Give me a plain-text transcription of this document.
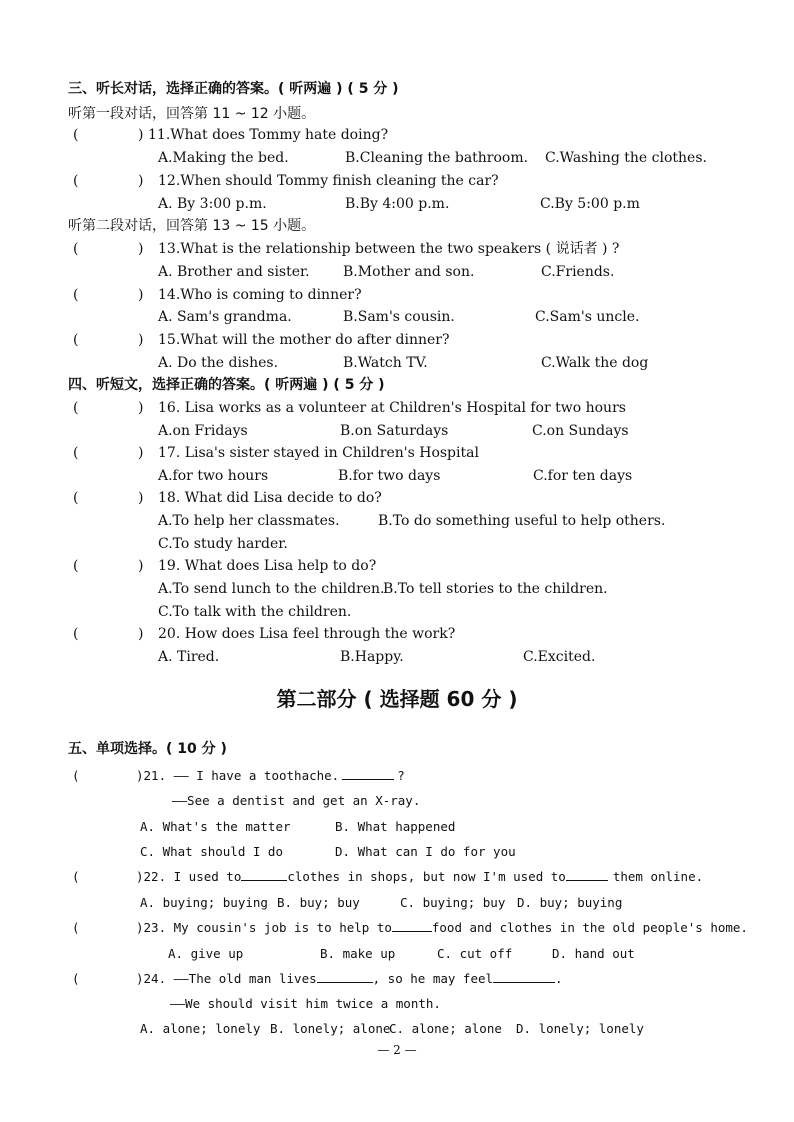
三、听长对话，选择正确的答案。( 听两遍 ) ( 5 分 )
听第一段对话，回答第 11 ~ 12 小题。
(	) 11.What does Tommy hate doing?
A.Making the bed.	B.Cleaning the bathroom. C.Washing the clothes.
(	) 12.When should Tommy finish cleaning the car?
A. By 3:00 p.m.	B.By 4:00 p.m.	C.By 5:00 p.m
听第二段对话，回答第 13 ~ 15 小题。
(	) 13.What is the relationship between the two speakers ( 说话者 ) ?
A. Brother and sister. B.Mother and son.	C.Friends.
(	) 14.Who is coming to dinner?
A. Sam's grandma.	B.Sam's cousin.	C.Sam's uncle.
(	) 15.What will the mother do after dinner?
A. Do the dishes.	B.Watch TV.	C.Walk the dog
四、听短文，选择正确的答案。( 听两遍 ) ( 5 分 )
(	) 16. Lisa works as a volunteer at Children's Hospital for two hours
A.on Fridays	B.on Saturdays	C.on Sundays
(	) 17. Lisa's sister stayed in Children's Hospital
A.for two hours	B.for two days	C.for ten days
(	) 18. What did Lisa decide to do?
A.To help her classmates.	B.To do something useful to help others.
C.To study harder.
(	) 19. What does Lisa help to do?
A.To send lunch to the children.
B.To tell stories to the children.
C.To talk with the children.
(	) 20. How does Lisa feel through the work?
A. Tired.	B.Happy.	C.Excited.
第二部分 ( 选择题 60 分 )
五、单项选择。( 10 分 )
(	)21. —— I have a toothache.	?
——See a dentist and get an X-ray.
A. What's the matter	B. What happened
C. What should I do	D. What can I do for you
(	)22. I used to	clothes in shops, but now I'm used to	them online.
A. buying; buying B. buy; buy	C. buying; buy D. buy; buying
(	)23. My cousin's job is to help to	food and clothes in the old people's home.
A. give up	B. make up	C. cut off	D. hand out
(	)24. ——The old man lives	, so he may feel	.
——We should visit him twice a month.
A. alone; lonely B. lonely; alone
C. alone; alone D. lonely; lonely
— 2 —
